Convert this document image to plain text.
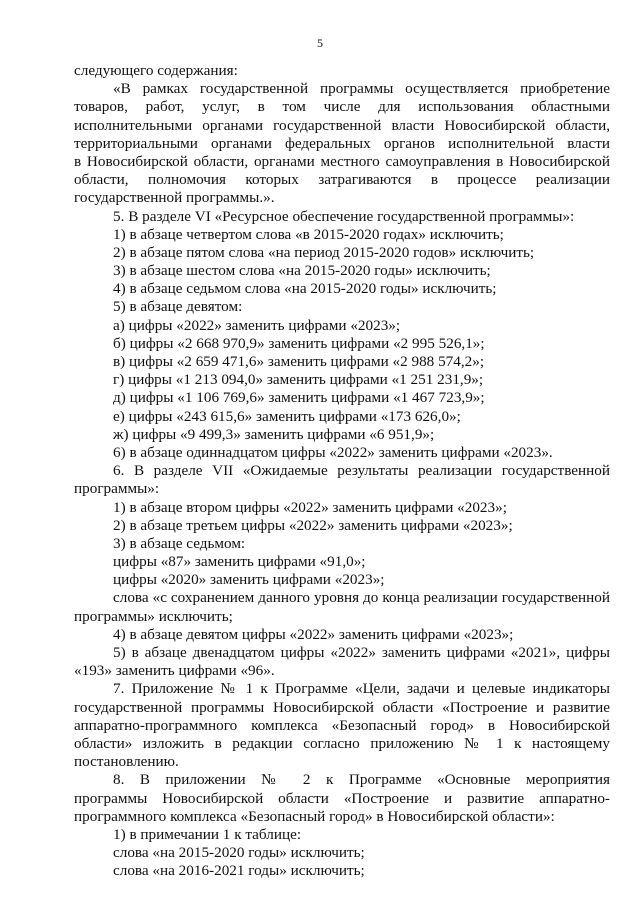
5
следующего содержания:
«В рамках государственной программы осуществляется приобретение
товаров, работ, услуг, в том числе для использования областными
исполнительными органами государственной власти Новосибирской области,
территориальными органами федеральных органов исполнительной власти
в Новосибирской области, органами местного самоуправления в Новосибирской
области, полномочия которых затрагиваются в процессе реализации
государственной программы.».
5. В разделе VI «Ресурсное обеспечение государственной программы»:
1) в абзаце четвертом слова «в 2015-2020 годах» исключить;
2) в абзаце пятом слова «на период 2015-2020 годов» исключить;
3) в абзаце шестом слова «на 2015-2020 годы» исключить;
4) в абзаце седьмом слова «на 2015-2020 годы» исключить;
5) в абзаце девятом:
а) цифры «2022» заменить цифрами «2023»;
б) цифры «2 668 970,9» заменить цифрами «2 995 526,1»;
в) цифры «2 659 471,6» заменить цифрами «2 988 574,2»;
г) цифры «1 213 094,0» заменить цифрами «1 251 231,9»;
д) цифры «1 106 769,6» заменить цифрами «1 467 723,9»;
е) цифры «243 615,6» заменить цифрами «173 626,0»;
ж) цифры «9 499,3» заменить цифрами «6 951,9»;
6) в абзаце одиннадцатом цифры «2022» заменить цифрами «2023».
6. В разделе VII «Ожидаемые результаты реализации государственной
программы»:
1) в абзаце втором цифры «2022» заменить цифрами «2023»;
2) в абзаце третьем цифры «2022» заменить цифрами «2023»;
3) в абзаце седьмом:
цифры «87» заменить цифрами «91,0»;
цифры «2020» заменить цифрами «2023»;
слова «с сохранением данного уровня до конца реализации государственной
программы» исключить;
4) в абзаце девятом цифры «2022» заменить цифрами «2023»;
5) в абзаце двенадцатом цифры «2022» заменить цифрами «2021», цифры
«193» заменить цифрами «96».
7. Приложение № 1 к Программе «Цели, задачи и целевые индикаторы
государственной программы Новосибирской области «Построение и развитие
аппаратно-программного комплекса «Безопасный город» в Новосибирской
области» изложить в редакции согласно приложению № 1 к настоящему
постановлению.
8. В приложении № 2 к Программе «Основные мероприятия
программы Новосибирской области «Построение и развитие аппаратно-
программного комплекса «Безопасный город» в Новосибирской области»:
1) в примечании 1 к таблице:
слова «на 2015-2020 годы» исключить;
слова «на 2016-2021 годы» исключить;
